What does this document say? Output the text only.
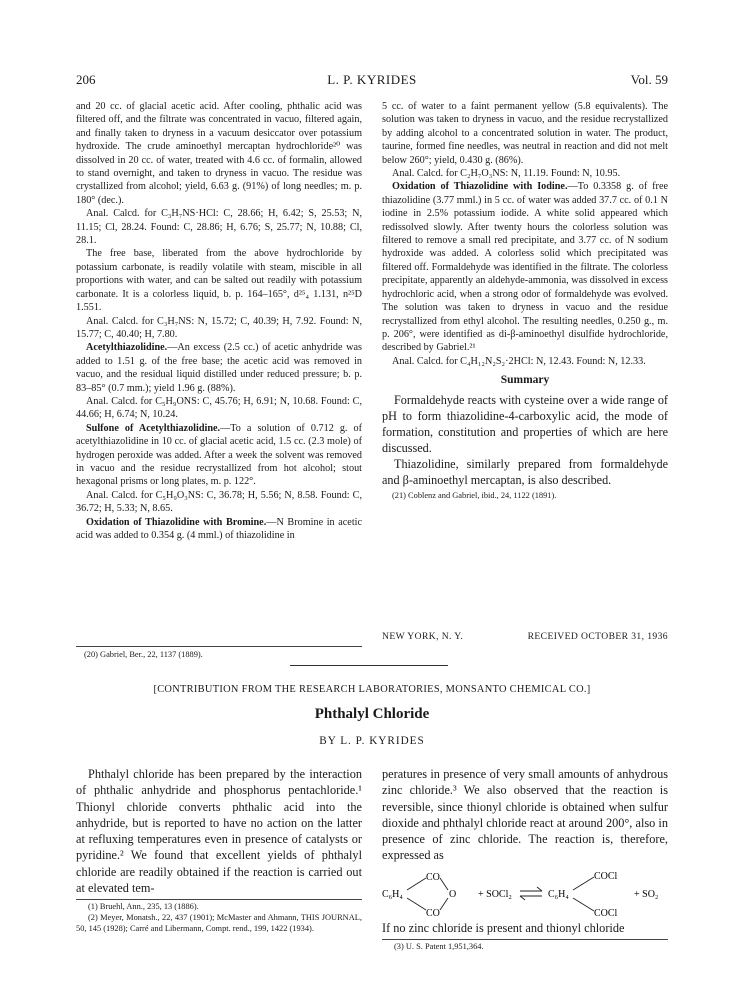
206	L. P. KYRIDES	Vol. 59

and 20 cc. of glacial acetic acid. After cooling, phthalic acid was filtered off, and the filtrate was concentrated in vacuo, filtered again, and finally taken to dryness in a vacuum desiccator over potassium hydroxide. The crude aminoethyl mercaptan hydrochloride²⁰ was dissolved in 20 cc. of water, treated with 4.6 cc. of formalin, allowed to stand overnight, and taken to dryness in vacuo. The residue was crystallized from alcohol; yield, 6.63 g. (91%) of long needles; m. p. 180° (dec.).

Anal. Calcd. for C₃H₇NS·HCl: C, 28.66; H, 6.42; S, 25.53; N, 11.15; Cl, 28.24. Found: C, 28.86; H, 6.76; S, 25.77; N, 10.88; Cl, 28.1.

The free base, liberated from the above hydrochloride by potassium carbonate, is readily volatile with steam, miscible in all proportions with water, and can be salted out readily with potassium carbonate. It is a colorless liquid, b. p. 164–165°, d²⁵₄ 1.131, n²⁵D 1.551.

Anal. Calcd. for C₃H₇NS: N, 15.72; C, 40.39; H, 7.92. Found: N, 15.77; C, 40.40; H, 7.80.

Acetylthiazolidine.—An excess (2.5 cc.) of acetic anhydride was added to 1.51 g. of the free base; the acetic acid was removed in vacuo, and the residual liquid distilled under reduced pressure; b. p. 83–85° (0.7 mm.); yield 1.96 g. (88%).

Anal. Calcd. for C₅H₉ONS: C, 45.76; H, 6.91; N, 10.68. Found: C, 44.66; H, 6.74; N, 10.24.

Sulfone of Acetylthiazolidine.—To a solution of 0.712 g. of acetylthiazolidine in 10 cc. of glacial acetic acid, 1.5 cc. (2.3 mole) of hydrogen peroxide was added. After a week the solvent was removed in vacuo and the residue recrystallized from hot alcohol; stout hexagonal prisms or long plates, m. p. 122°.

Anal. Calcd. for C₅H₉O₃NS: C, 36.78; H, 5.56; N, 8.58. Found: C, 36.72; H, 5.33; N, 8.65.

Oxidation of Thiazolidine with Bromine.—N Bromine in acetic acid was added to 0.354 g. (4 mml.) of thiazolidine in

(20) Gabriel, Ber., 22, 1137 (1889).

5 cc. of water to a faint permanent yellow (5.8 equivalents). The solution was taken to dryness in vacuo, and the residue recrystallized by adding alcohol to a concentrated solution in water. The product, taurine, formed fine needles, was neutral in reaction and did not melt below 260°; yield, 0.430 g. (86%).

Anal. Calcd. for C₂H₇O₃NS: N, 11.19. Found: N, 10.95.

Oxidation of Thiazolidine with Iodine.—To 0.3358 g. of free thiazolidine (3.77 mml.) in 5 cc. of water was added 37.7 cc. of 0.1 N iodine in 2.5% potassium iodide. A white solid appeared which redissolved slowly. After twenty hours the colorless solution was filtered to remove a small red precipitate, and 3.77 cc. of N sodium hydroxide was added. A colorless solid which precipitated was filtered off. Formaldehyde was identified in the filtrate. The colorless precipitate, apparently an aldehyde-ammonia, was dissolved in excess hydrochloric acid, when a strong odor of formaldehyde was evolved. The solution was taken to dryness in vacuo and the residue recrystallized from ethyl alcohol. The resulting needles, 0.250 g., m. p. 206°, were identified as di-β-aminoethyl disulfide hydrochloride, described by Gabriel.²¹

Anal. Calcd. for C₄H₁₂N₂S₂·2HCl: N, 12.43. Found: N, 12.33.

Summary

Formaldehyde reacts with cysteine over a wide range of pH to form thiazolidine-4-carboxylic acid, the mode of formation, constitution and properties of which are here discussed.

Thiazolidine, similarly prepared from formaldehyde and β-aminoethyl mercaptan, is also described.

(21) Coblenz and Gabriel, ibid., 24, 1122 (1891).

NEW YORK, N. Y.	RECEIVED OCTOBER 31, 1936
[CONTRIBUTION FROM THE RESEARCH LABORATORIES, MONSANTO CHEMICAL CO.]
Phthalyl Chloride
BY L. P. KYRIDES

Phthalyl chloride has been prepared by the interaction of phthalic anhydride and phosphorus pentachloride.¹ Thionyl chloride converts phthalic acid into the anhydride, but is reported to have no action on the latter at refluxing temperatures even in presence of catalysts or pyridine.² We found that excellent yields of phthalyl chloride are readily obtained if the reaction is carried out at elevated tem-

(1) Bruehl, Ann., 235, 13 (1886).

(2) Meyer, Monatsh., 22, 437 (1901); McMaster and Ahmann, THIS JOURNAL, 50, 145 (1928); Carré and Libermann, Compt. rend., 199, 1422 (1934).

peratures in presence of very small amounts of anhydrous zinc chloride.³ We also observed that the reaction is reversible, since thionyl chloride is obtained when sulfur dioxide and phthalyl chloride react at around 200°, also in presence of zinc chloride. The reaction is, therefore, expressed as

C₆H₄
CO
CO
O + SOCl₂	C₆H₄
COCl
COCl
+ SO₂

If no zinc chloride is present and thionyl chloride

(3) U. S. Patent 1,951,364.
